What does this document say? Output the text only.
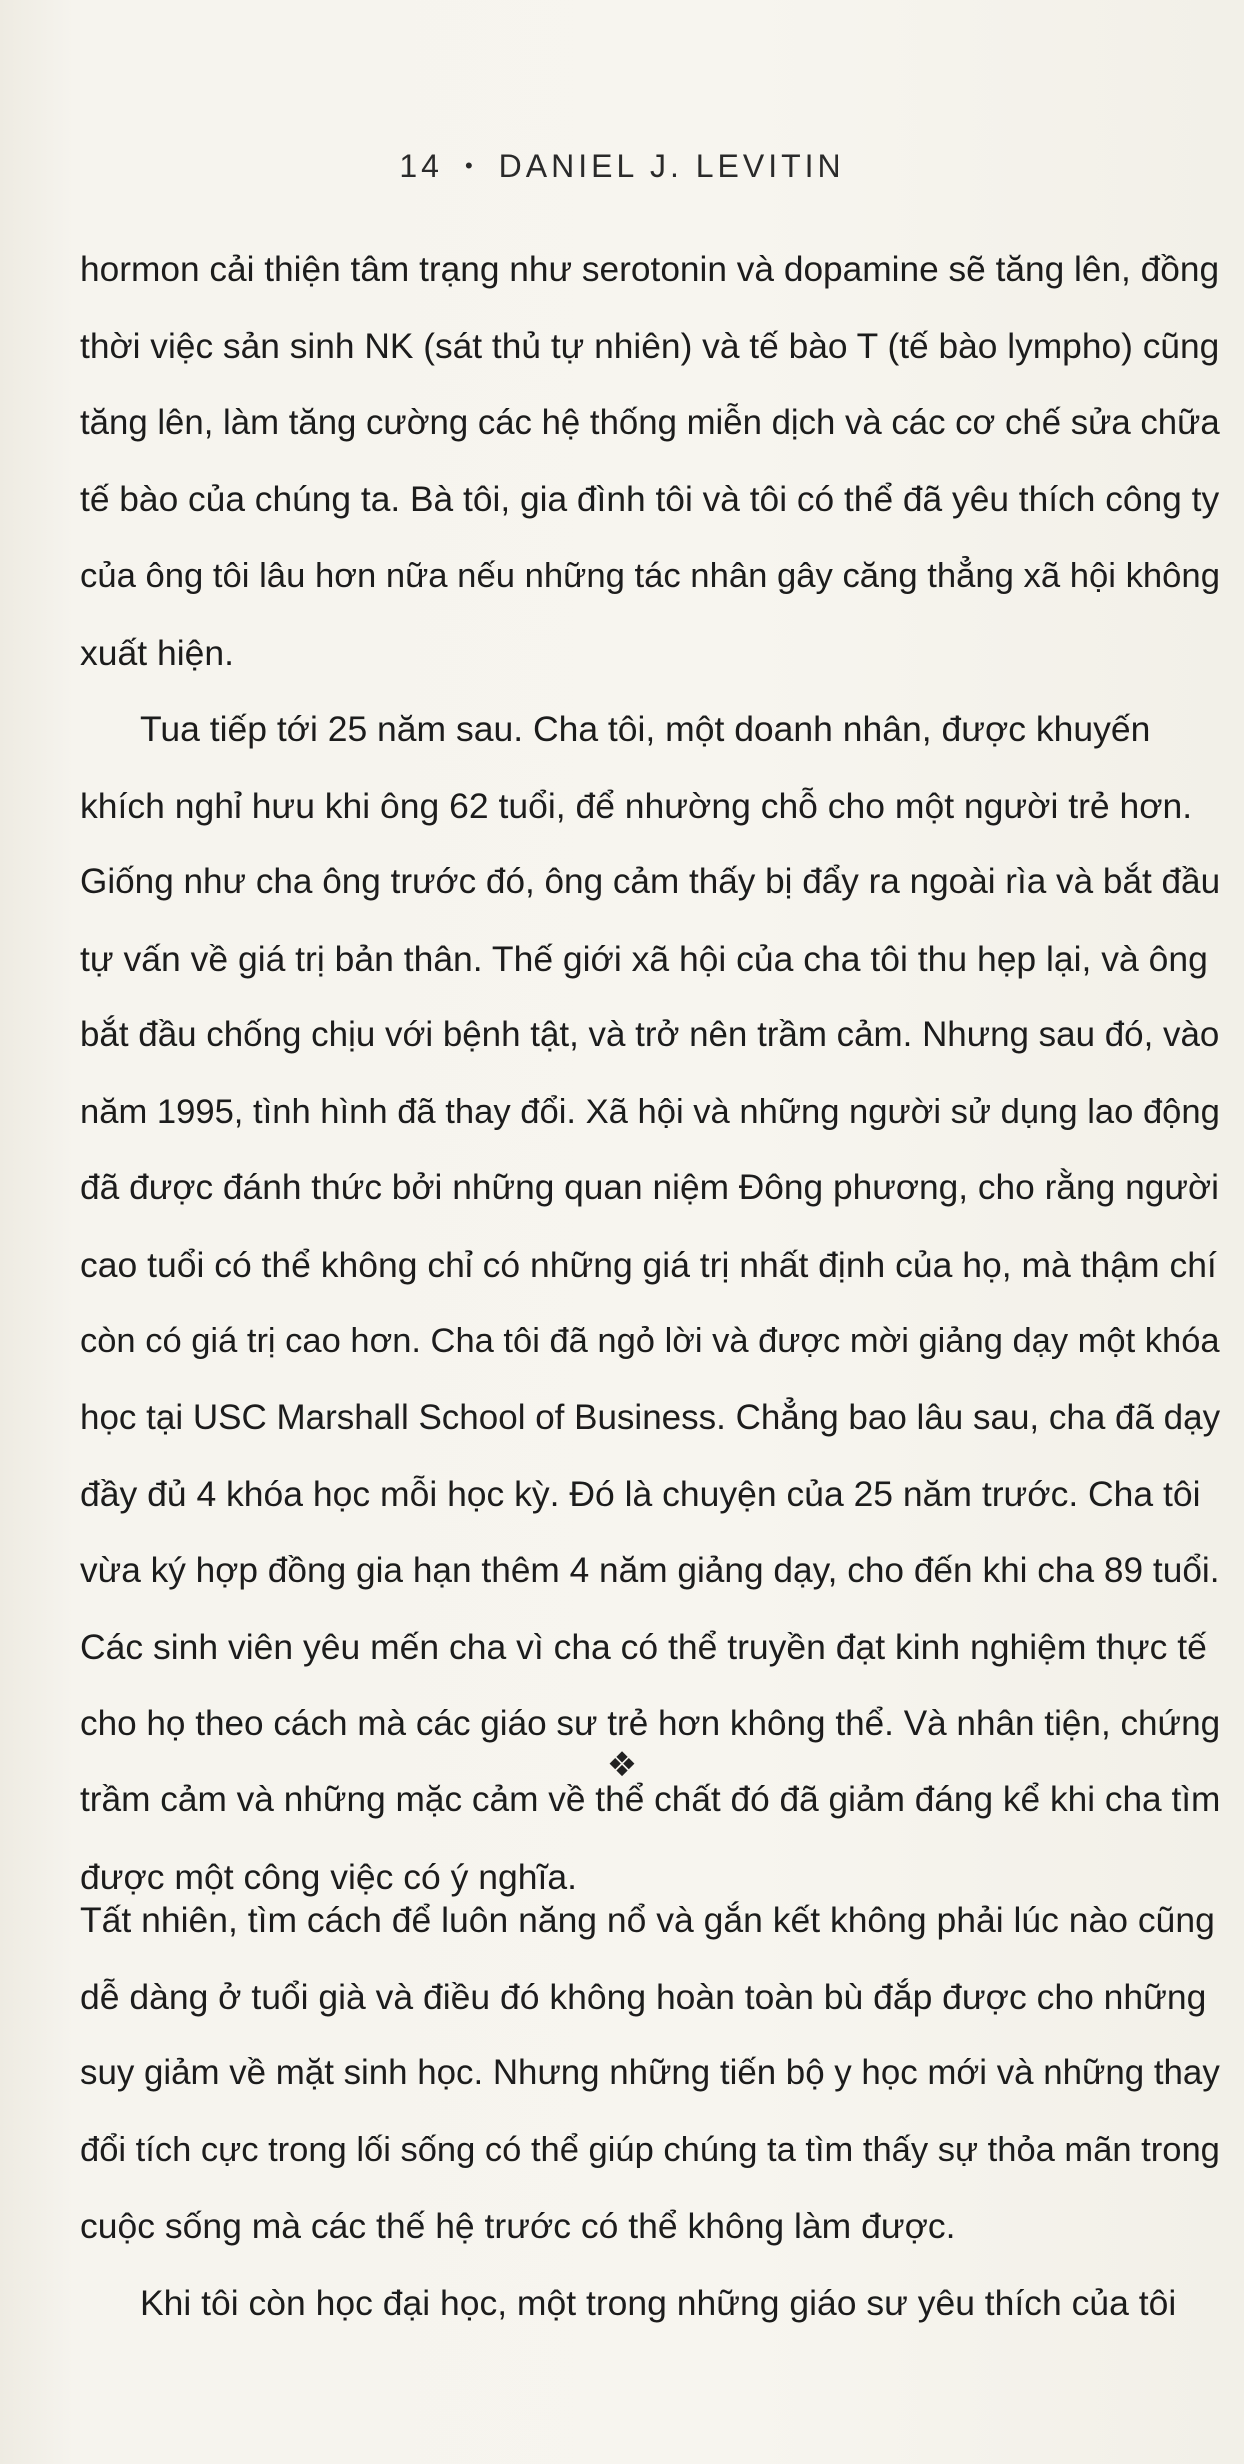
14 • DANIEL J. LEVITIN
hormon cải thiện tâm trạng như serotonin và dopamine sẽ tăng lên, đồng
thời việc sản sinh NK (sát thủ tự nhiên) và tế bào T (tế bào lympho) cũng
tăng lên, làm tăng cường các hệ thống miễn dịch và các cơ chế sửa chữa
tế bào của chúng ta. Bà tôi, gia đình tôi và tôi có thể đã yêu thích công ty
của ông tôi lâu hơn nữa nếu những tác nhân gây căng thẳng xã hội không
xuất hiện.
Tua tiếp tới 25 năm sau. Cha tôi, một doanh nhân, được khuyến
khích nghỉ hưu khi ông 62 tuổi, để nhường chỗ cho một người trẻ hơn.
Giống như cha ông trước đó, ông cảm thấy bị đẩy ra ngoài rìa và bắt đầu
tự vấn về giá trị bản thân. Thế giới xã hội của cha tôi thu hẹp lại, và ông
bắt đầu chống chịu với bệnh tật, và trở nên trầm cảm. Nhưng sau đó, vào
năm 1995, tình hình đã thay đổi. Xã hội và những người sử dụng lao động
đã được đánh thức bởi những quan niệm Đông phương, cho rằng người
cao tuổi có thể không chỉ có những giá trị nhất định của họ, mà thậm chí
còn có giá trị cao hơn. Cha tôi đã ngỏ lời và được mời giảng dạy một khóa
học tại USC Marshall School of Business. Chẳng bao lâu sau, cha đã dạy
đầy đủ 4 khóa học mỗi học kỳ. Đó là chuyện của 25 năm trước. Cha tôi
vừa ký hợp đồng gia hạn thêm 4 năm giảng dạy, cho đến khi cha 89 tuổi.
Các sinh viên yêu mến cha vì cha có thể truyền đạt kinh nghiệm thực tế
cho họ theo cách mà các giáo sư trẻ hơn không thể. Và nhân tiện, chứng
trầm cảm và những mặc cảm về thể chất đó đã giảm đáng kể khi cha tìm
được một công việc có ý nghĩa.
❖
Tất nhiên, tìm cách để luôn năng nổ và gắn kết không phải lúc nào cũng
dễ dàng ở tuổi già và điều đó không hoàn toàn bù đắp được cho những
suy giảm về mặt sinh học. Nhưng những tiến bộ y học mới và những thay
đổi tích cực trong lối sống có thể giúp chúng ta tìm thấy sự thỏa mãn trong
cuộc sống mà các thế hệ trước có thể không làm được.
Khi tôi còn học đại học, một trong những giáo sư yêu thích của tôi
